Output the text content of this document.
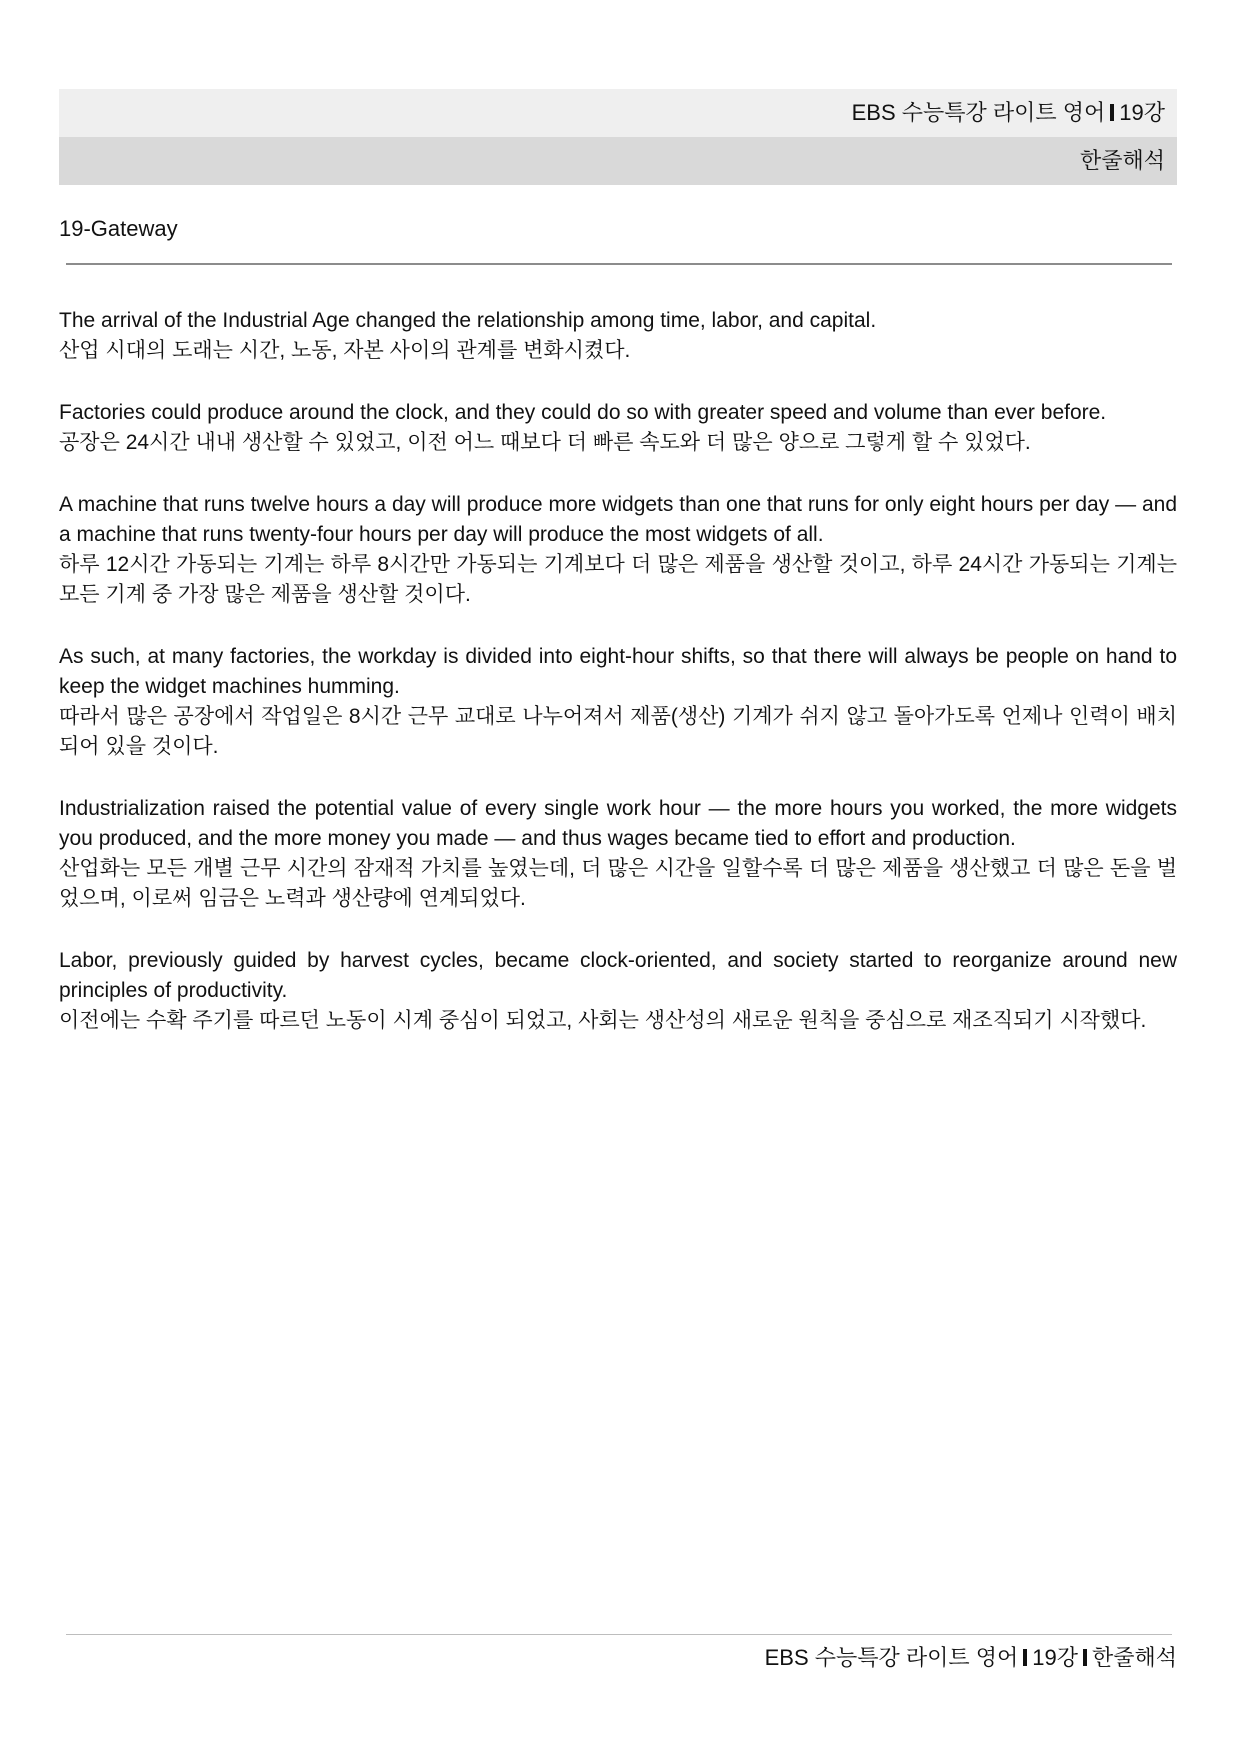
EBS 수능특강 라이트 영어 19강
한줄해석
19-Gateway

The arrival of the Industrial Age changed the relationship among time, labor, and capital.

산업 시대의 도래는 시간, 노동, 자본 사이의 관계를 변화시켰다.

Factories could produce around the clock, and they could do so with greater speed and volume than ever before.

공장은 24시간 내내 생산할 수 있었고, 이전 어느 때보다 더 빠른 속도와 더 많은 양으로 그렇게 할 수 있었다.

A machine that runs twelve hours a day will produce more widgets than one that runs for only eight hours per day — and a machine that runs twenty-four hours per day will produce the most widgets of all.

하루 12시간 가동되는 기계는 하루 8시간만 가동되는 기계보다 더 많은 제품을 생산할 것이고, 하루 24시간 가동되는 기계는 모든 기계 중 가장 많은 제품을 생산할 것이다.

As such, at many factories, the workday is divided into eight-hour shifts, so that there will always be people on hand to keep the widget machines humming.

따라서 많은 공장에서 작업일은 8시간 근무 교대로 나누어져서 제품(생산) 기계가 쉬지 않고 돌아가도록 언제나 인력이 배치되어 있을 것이다.

Industrialization raised the potential value of every single work hour — the more hours you worked, the more widgets you produced, and the more money you made — and thus wages became tied to effort and production.

산업화는 모든 개별 근무 시간의 잠재적 가치를 높였는데, 더 많은 시간을 일할수록 더 많은 제품을 생산했고 더 많은 돈을 벌었으며, 이로써 임금은 노력과 생산량에 연계되었다.

Labor, previously guided by harvest cycles, became clock-oriented, and society started to reorganize around new principles of productivity.

이전에는 수확 주기를 따르던 노동이 시계 중심이 되었고, 사회는 생산성의 새로운 원칙을 중심으로 재조직되기 시작했다.

EBS 수능특강 라이트 영어 19강 한줄해석
